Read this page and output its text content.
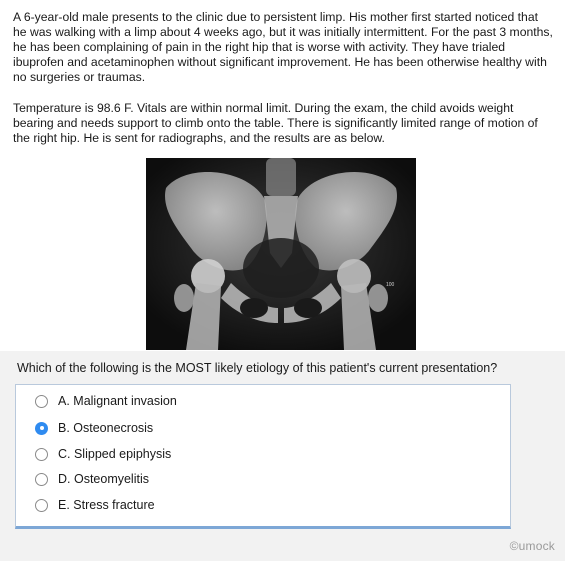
A 6-year-old male presents to the clinic due to persistent limp. His mother first started noticed that he was walking with a limp about 4 weeks ago, but it was initially intermittent. For the past 3 months, he has been complaining of pain in the right hip that is worse with activity. They have trialed ibuprofen and acetaminophen without significant improvement. He has been otherwise healthy with no surgeries or traumas.

Temperature is 98.6 F. Vitals are within normal limit. During the exam, the child avoids weight bearing and needs support to climb onto the table. There is significantly limited range of motion of the right hip. He is sent for radiographs, and the results are as below.

100

Which of the following is the MOST likely etiology of this patient's current presentation?

A. Malignant invasion
B. Osteonecrosis
C. Slipped epiphysis
D. Osteomyelitis
E. Stress fracture
©umock
